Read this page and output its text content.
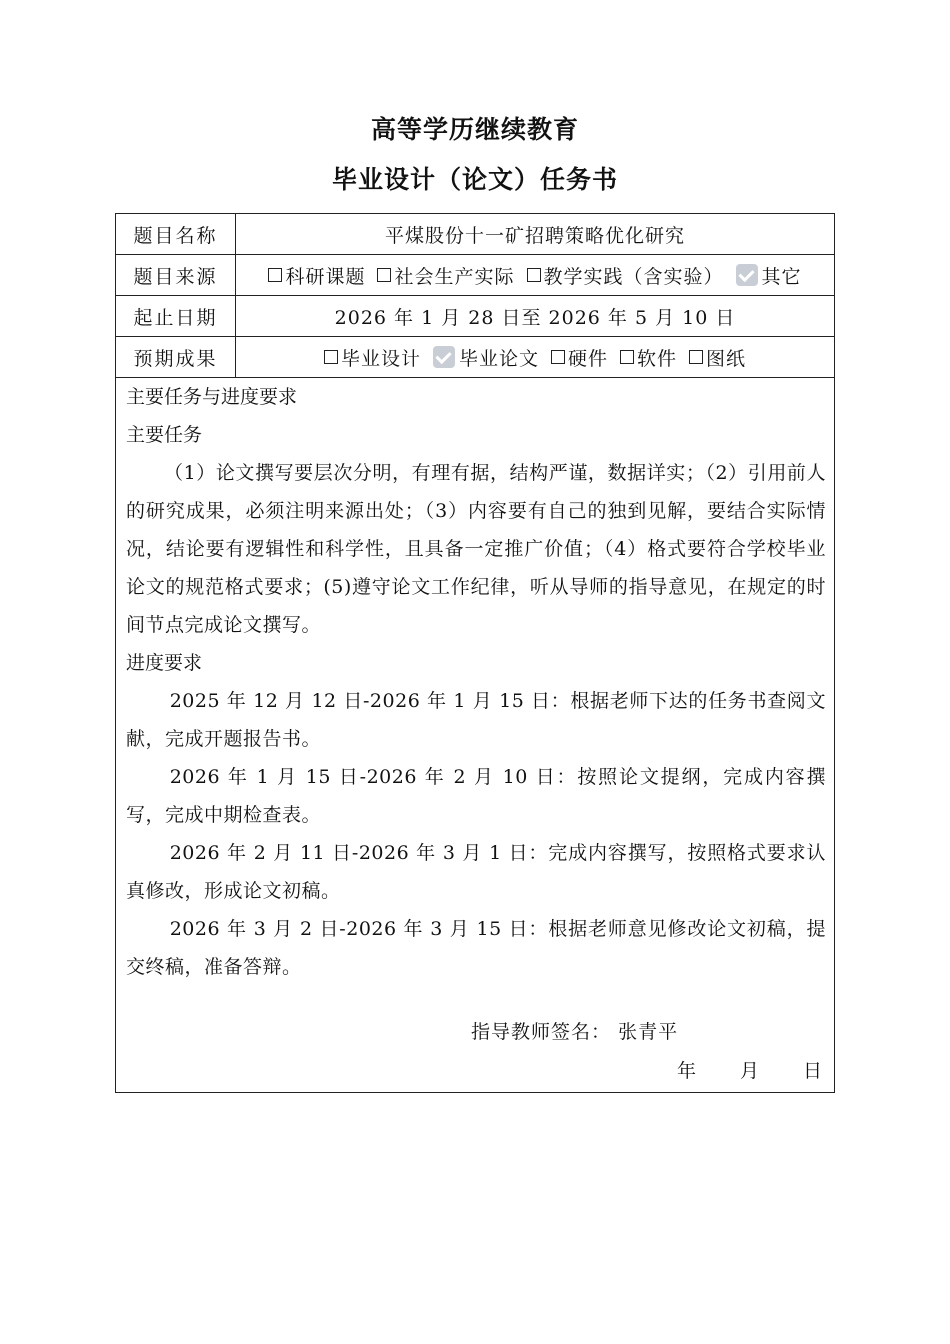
高等学历继续教育
毕业设计（论文）任务书
题目名称	平煤股份十一矿招聘策略优化研究
题目来源	科研课题 社会生产实际 教学实践（含实验） 其它
起止日期	2026 年 1 月 28 日至 2026 年 5 月 10 日
预期成果	毕业设计 毕业论文 硬件 软件 图纸
主要任务与进度要求
主要任务
（1）论文撰写要层次分明，有理有据，结构严谨，数据详实；（2）引用前人的研究成果，必须注明来源出处；（3）内容要有自己的独到见解，要结合实际情况，结论要有逻辑性和科学性，且具备一定推广价值；（4）格式要符合学校毕业论文的规范格式要求；(5)遵守论文工作纪律，听从导师的指导意见，在规定的时间节点完成论文撰写。
进度要求
2025 年 12 月 12 日-2026 年 1 月 15 日：根据老师下达的任务书查阅文献，完成开题报告书。
2026 年 1 月 15 日-2026 年 2 月 10 日：按照论文提纲，完成内容撰写，完成中期检查表。
2026 年 2 月 11 日-2026 年 3 月 1 日：完成内容撰写，按照格式要求认真修改，形成论文初稿。
2026 年 3 月 2 日-2026 年 3 月 15 日：根据老师意见修改论文初稿，提交终稿，准备答辩。
指导教师签名： 张青平
年 月 日
